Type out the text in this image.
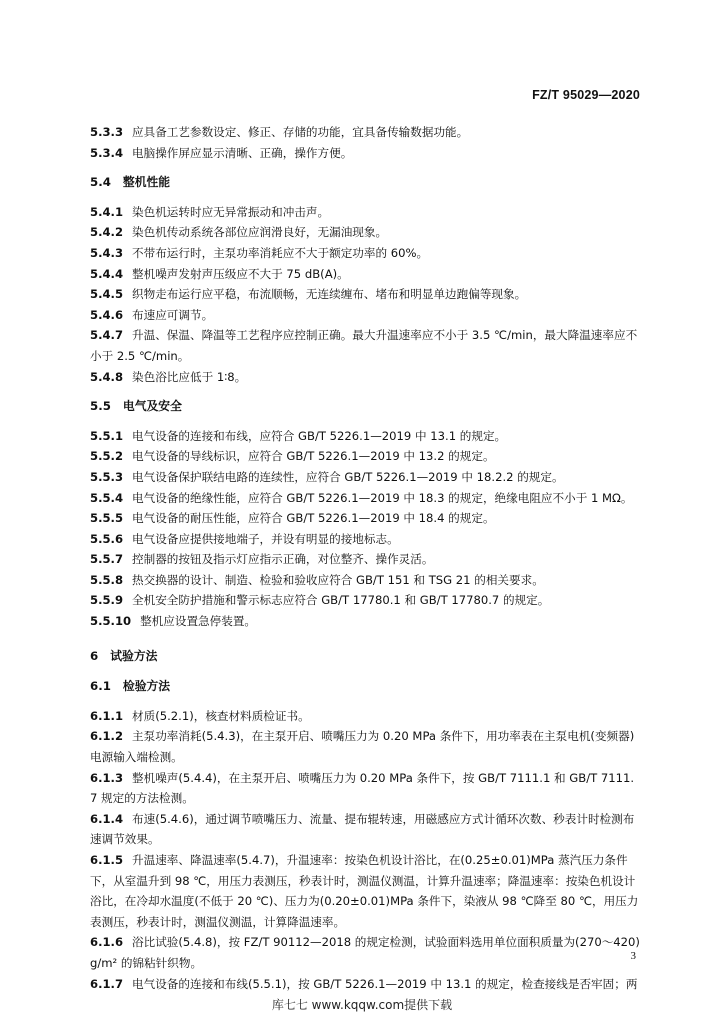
FZ/T 95029—2020
5.3.3 应具备工艺参数设定、修正、存储的功能，宜具备传输数据功能。
5.3.4 电脑操作屏应显示清晰、正确，操作方便。
5.4 整机性能
5.4.1 染色机运转时应无异常振动和冲击声。
5.4.2 染色机传动系统各部位应润滑良好，无漏油现象。
5.4.3 不带布运行时，主泵功率消耗应不大于额定功率的 60%。
5.4.4 整机噪声发射声压级应不大于 75 dB(A)。
5.4.5 织物走布运行应平稳，布流顺畅，无连续缠布、堵布和明显单边跑偏等现象。
5.4.6 布速应可调节。
5.4.7 升温、保温、降温等工艺程序应控制正确。最大升温速率应不小于 3.5 ℃/min，最大降温速率应不小于 2.5 ℃/min。
5.4.8 染色浴比应低于 1∶8。
5.5 电气及安全
5.5.1 电气设备的连接和布线，应符合 GB/T 5226.1—2019 中 13.1 的规定。
5.5.2 电气设备的导线标识，应符合 GB/T 5226.1—2019 中 13.2 的规定。
5.5.3 电气设备保护联结电路的连续性，应符合 GB/T 5226.1—2019 中 18.2.2 的规定。
5.5.4 电气设备的绝缘性能，应符合 GB/T 5226.1—2019 中 18.3 的规定，绝缘电阻应不小于 1 MΩ。
5.5.5 电气设备的耐压性能，应符合 GB/T 5226.1—2019 中 18.4 的规定。
5.5.6 电气设备应提供接地端子，并设有明显的接地标志。
5.5.7 控制器的按钮及指示灯应指示正确，对位整齐、操作灵活。
5.5.8 热交换器的设计、制造、检验和验收应符合 GB/T 151 和 TSG 21 的相关要求。
5.5.9 全机安全防护措施和警示标志应符合 GB/T 17780.1 和 GB/T 17780.7 的规定。
5.5.10 整机应设置急停装置。
6 试验方法
6.1 检验方法
6.1.1 材质(5.2.1)，核查材料质检证书。
6.1.2 主泵功率消耗(5.4.3)，在主泵开启、喷嘴压力为 0.20 MPa 条件下，用功率表在主泵电机(变频器)电源输入端检测。
6.1.3 整机噪声(5.4.4)，在主泵开启、喷嘴压力为 0.20 MPa 条件下，按 GB/T 7111.1 和 GB/T 7111.7 规定的方法检测。
6.1.4 布速(5.4.6)，通过调节喷嘴压力、流量、提布辊转速，用磁感应方式计循环次数、秒表计时检测布速调节效果。
6.1.5 升温速率、降温速率(5.4.7)，升温速率：按染色机设计浴比，在(0.25±0.01)MPa 蒸汽压力条件下，从室温升到 98 ℃，用压力表测压，秒表计时，测温仪测温，计算升温速率；降温速率：按染色机设计浴比，在冷却水温度(不低于 20 ℃)、压力为(0.20±0.01)MPa 条件下，染液从 98 ℃降至 80 ℃，用压力表测压，秒表计时，测温仪测温，计算降温速率。
6.1.6 浴比试验(5.4.8)，按 FZ/T 90112—2018 的规定检测，试验面料选用单位面积质量为(270～420)g/m² 的锦粘针织物。
6.1.7 电气设备的连接和布线(5.5.1)，按 GB/T 5226.1—2019 中 13.1 的规定，检查接线是否牢固；两
3
库七七 www.kqqw.com提供下载
